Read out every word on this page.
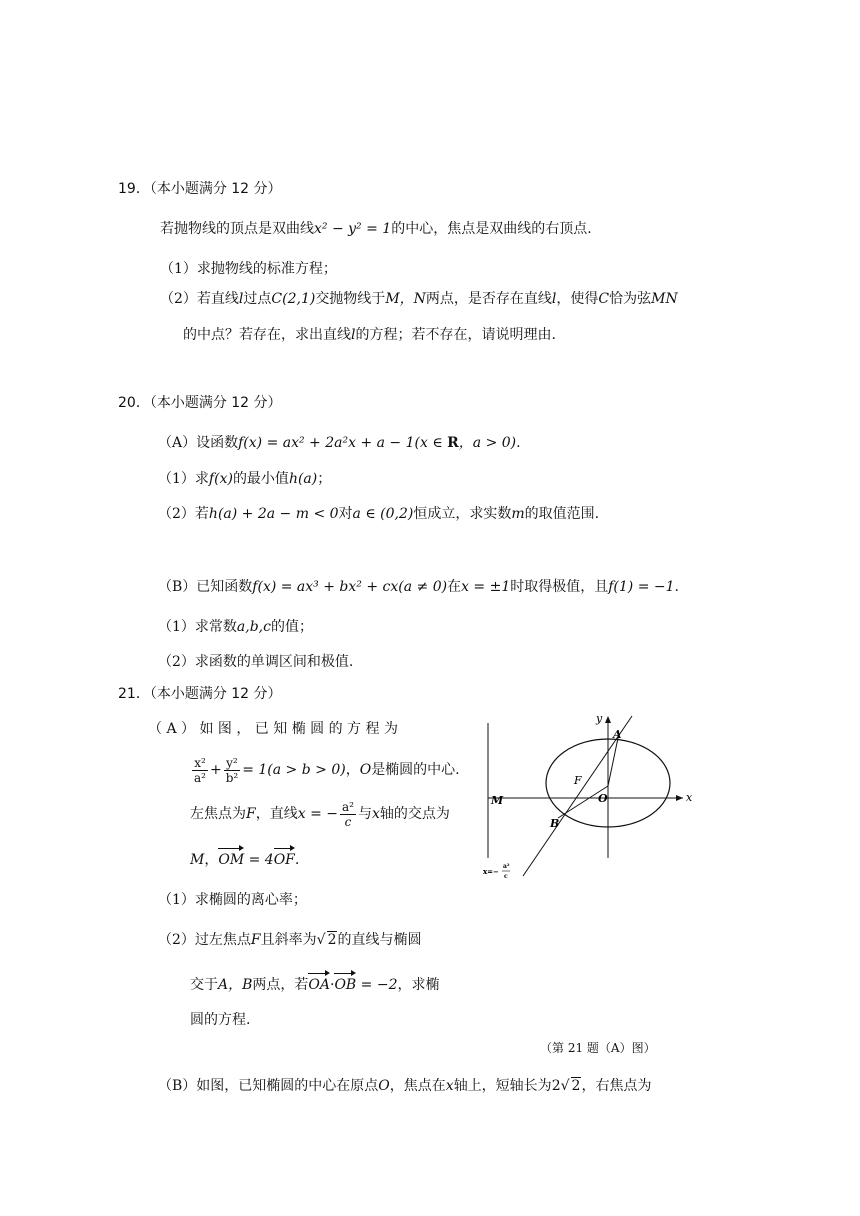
19．（本小题满分 12 分）
若抛物线的顶点是双曲线x² − y² = 1的中心，焦点是双曲线的右顶点.
（1）求抛物线的标准方程；
（2）若直线l过点C(2,1)交抛物线于M，N两点，是否存在直线l，使得C恰为弦MN
的中点？若存在，求出直线l的方程；若不存在，请说明理由.
20．（本小题满分 12 分）
（A）设函数f(x) = ax² + 2a²x + a − 1(x ∈ R，a > 0).
（1）求f(x)的最小值h(a)；
（2）若h(a) + 2a − m < 0对a ∈ (0,2)恒成立，求实数m的取值范围.
（B）已知函数f(x) = ax³ + bx² + cx(a ≠ 0)在x = ±1时取得极值，且f(1) = −1.
（1）求常数a,b,c的值；
（2）求函数的单调区间和极值.
21．（本小题满分 12 分）
（ A ） 如 图 ， 已 知 椭 圆 的 方 程 为
$\frac{\text{x²}}{\text{a²}} + \frac{\text{y²}}{\text{b²}} = 1(a > b > 0)$，O是椭圆的中心.
左焦点为F，直线x = − $\frac{\text{a²}}{c}$ 与x轴的交点为
M，OM = 4OF.
（1）求椭圆的离心率；
（2）过左焦点F且斜率为√ 2的直线与椭圆
交于A，B两点，若OA·OB = −2，求椭
圆的方程.
（第 21 题（A）图）
（B）如图，已知椭圆的中心在原点O，焦点在x轴上，短轴长为2√ 2，右焦点为
y
x
A
F
O
M
B
x=−
a²
c
